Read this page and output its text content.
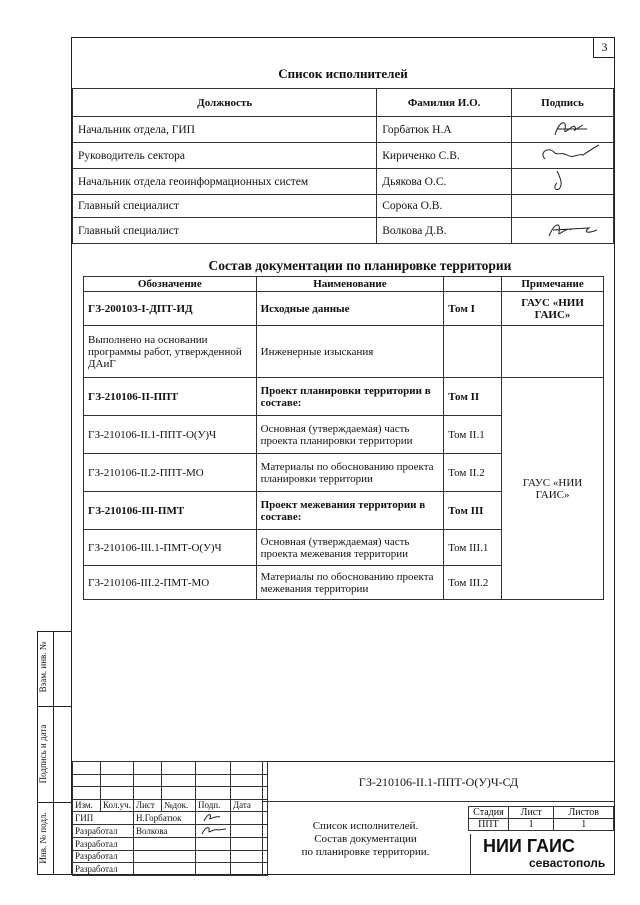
3
Список исполнителей
Должность	Фамилия И.О.	Подпись
Начальник отдела, ГИП	Горбатюк Н.А	
Руководитель сектора	Кириченко С.В.	
Начальник отдела геоинформационных систем	Дьякова О.С.	
Главный специалист	Сорока О.В.	
Главный специалист	Волкова Д.В.	
Состав документации по планировке территории
Обозначение	Наименование		Примечание
ГЗ-200103-I-ДПТ-ИД	Исходные данные	Том I	ГАУС «НИИ ГАИС»
Выполнено на основании программы работ, утвержденной ДАиГ	Инженерные изыскания		
ГЗ-210106-II-ППТ	Проект планировки территории в составе:	Том II	ГАУС «НИИ ГАИС»
ГЗ-210106-II.1-ППТ-О(У)Ч	Основная (утверждаемая) часть проекта планировки территории	Том II.1	
ГЗ-210106-II.2-ППТ-МО	Материалы по обоснованию проекта планировки территории	Том II.2	
ГЗ-210106-III-ПМТ	Проект межевания территории в составе:	Том III	
ГЗ-210106-III.1-ПМТ-О(У)Ч	Основная (утверждаемая) часть проекта межевания территории	Том III.1	
ГЗ-210106-III.2-ПМТ-МО	Материалы по обоснованию проекта межевания территории	Том III.2	
Взам. инв. №
Подпись и дата
Инв. № подл.

Изм.	Кол.уч.	Лист	№док.	Подп.	Дата
ГИП		Н.Горбатюк		
Разработал		Волкова		
Разработал					
Разработал					
Разработал					
ГЗ-210106-II.1-ППТ-О(У)Ч-СД
Список исполнителей.
Состав документации
по планировке территории.
Стадия	Лист	Листов
ППТ	1	1
НИИ ГАИС
севастополь
